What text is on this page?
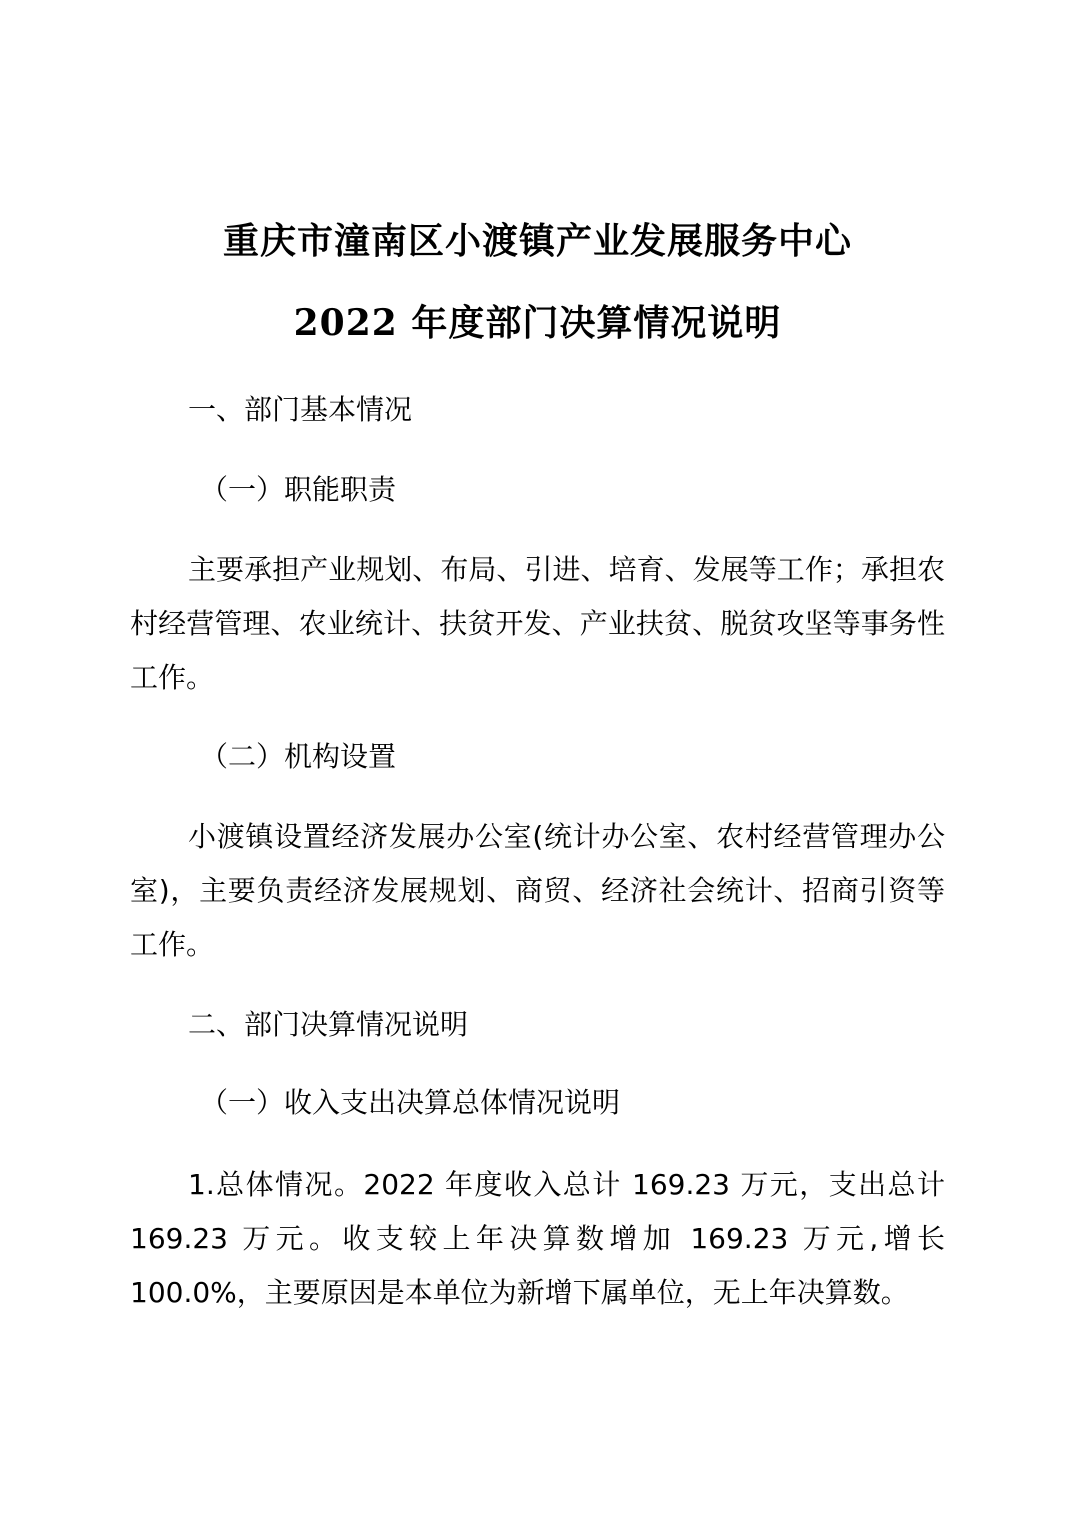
重庆市潼南区小渡镇产业发展服务中心
2022 年度部门决算情况说明
一、部门基本情况
（一）职能职责
主要承担产业规划、布局、引进、培育、发展等工作；承担农村经营管理、农业统计、扶贫开发、产业扶贫、脱贫攻坚等事务性工作。
（二）机构设置
小渡镇设置经济发展办公室(统计办公室、农村经营管理办公室)，主要负责经济发展规划、商贸、经济社会统计、招商引资等工作。
二、部门决算情况说明
（一）收入支出决算总体情况说明
1.总体情况。2022 年度收入总计 169.23 万元，支出总计 169.23 万元。收支较上年决算数增加 169.23 万元,增长 100.0%，主要原因是本单位为新增下属单位，无上年决算数。
